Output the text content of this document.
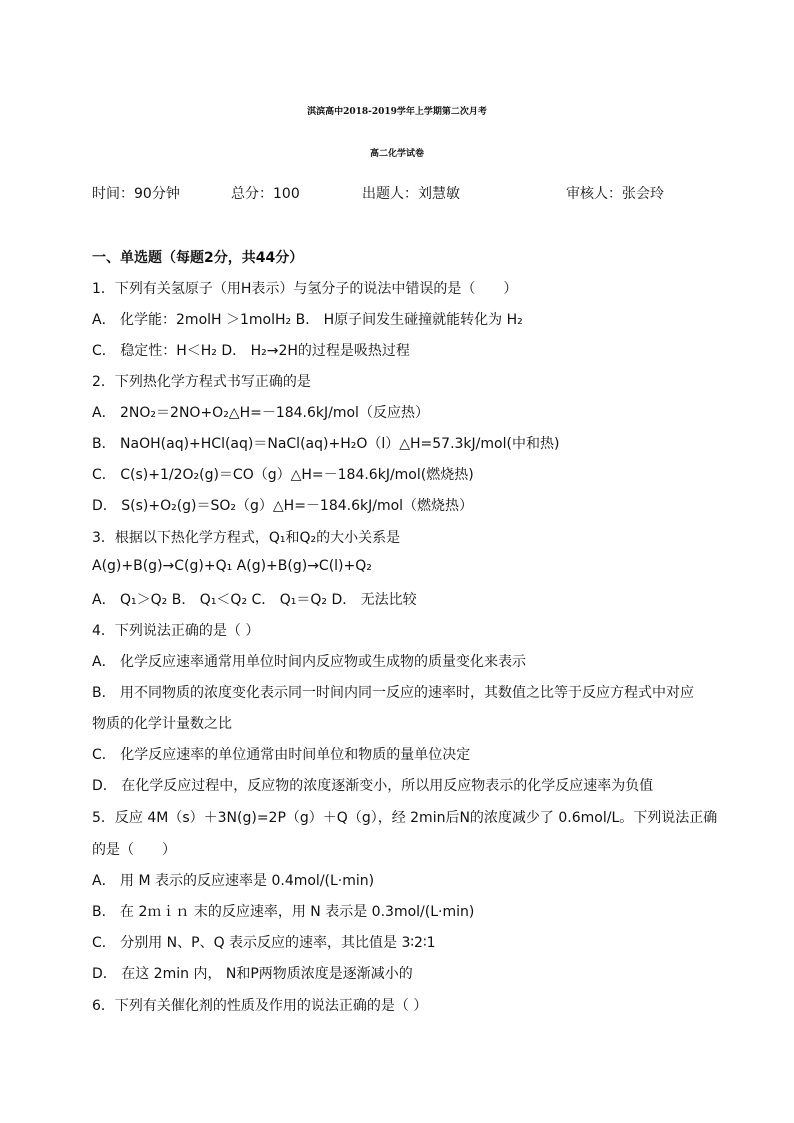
淇滨高中2018-2019学年上学期第二次月考
高二化学试卷
时间：90分钟	总分：100	出题人：刘慧敏	审核人：张会玲
一、单选题（每题2分，共44分）
1．下列有关氢原子（用H表示）与氢分子的说法中错误的是（　　）
A． 化学能：2molH ＞1molH₂ B． H原子间发生碰撞就能转化为 H₂
C． 稳定性：H＜H₂ D． H₂→2H的过程是吸热过程
2．下列热化学方程式书写正确的是
A． 2NO₂＝2NO+O₂△H=－184.6kJ/mol（反应热）
B． NaOH(aq)+HCl(aq)＝NaCl(aq)+H₂O（l）△H=57.3kJ/mol(中和热)
C． C(s)+1/2O₂(g)＝CO（g）△H=－184.6kJ/mol(燃烧热)
D． S(s)+O₂(g)＝SO₂（g）△H=－184.6kJ/mol（燃烧热）
3．根据以下热化学方程式，Q₁和Q₂的大小关系是
A(g)+B(g)→C(g)+Q₁ A(g)+B(g)→C(l)+Q₂
A． Q₁＞Q₂ B． Q₁＜Q₂ C． Q₁＝Q₂ D． 无法比较
4．下列说法正确的是（ ）
A． 化学反应速率通常用单位时间内反应物或生成物的质量变化来表示
B． 用不同物质的浓度变化表示同一时间内同一反应的速率时，其数值之比等于反应方程式中对应
物质的化学计量数之比
C． 化学反应速率的单位通常由时间单位和物质的量单位决定
D． 在化学反应过程中，反应物的浓度逐渐变小，所以用反应物表示的化学反应速率为负值
5．反应 4M（s）＋3N(g)=2P（g）＋Q（g），经 2min后N的浓度减少了 0.6mol/L。下列说法正确
的是（　　）
A． 用 M 表示的反应速率是 0.4mol/(L·min)
B． 在 2ｍｉｎ 末的反应速率，用 N 表示是 0.3mol/(L·min)
C． 分别用 N、P、Q 表示反应的速率，其比值是 3∶2∶1
D． 在这 2min 内， N和P两物质浓度是逐渐减小的
6．下列有关催化剂的性质及作用的说法正确的是（ ）
